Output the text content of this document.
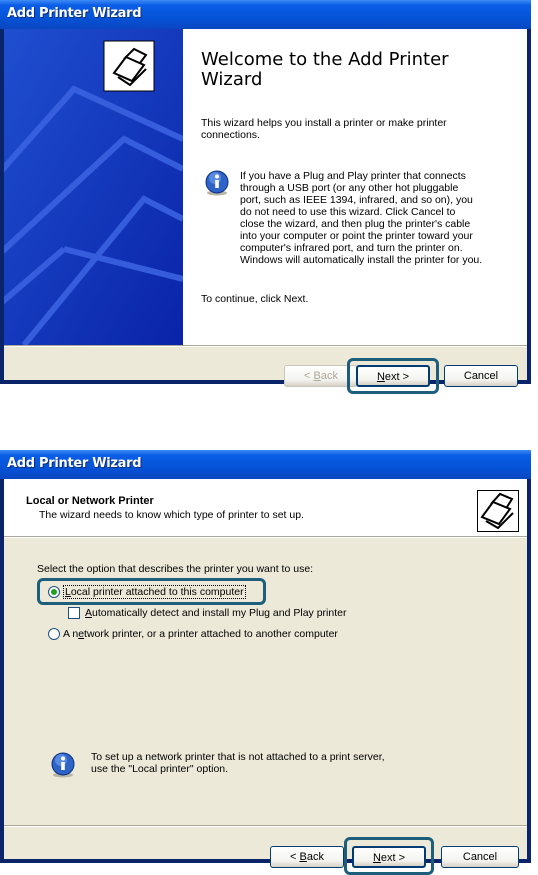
Add Printer Wizard
Welcome to the Add Printer Wizard
This wizard helps you install a printer or make printer connections.
If you have a Plug and Play printer that connects
through a USB port (or any other hot pluggable
port, such as IEEE 1394, infrared, and so on), you
do not need to use this wizard. Click Cancel to
close the wizard, and then plug the printer's cable
into your computer or point the printer toward your
computer's infrared port, and turn the printer on.
Windows will automatically install the printer for you.
To continue, click Next.
< Back	Next >	Cancel
Add Printer Wizard
Local or Network Printer
The wizard needs to know which type of printer to set up.
Select the option that describes the printer you want to use:
Local printer attached to this computer
Automatically detect and install my Plug and Play printer
A network printer, or a printer attached to another computer
To set up a network printer that is not attached to a print server,
use the "Local printer" option.
< Back	Next >	Cancel
